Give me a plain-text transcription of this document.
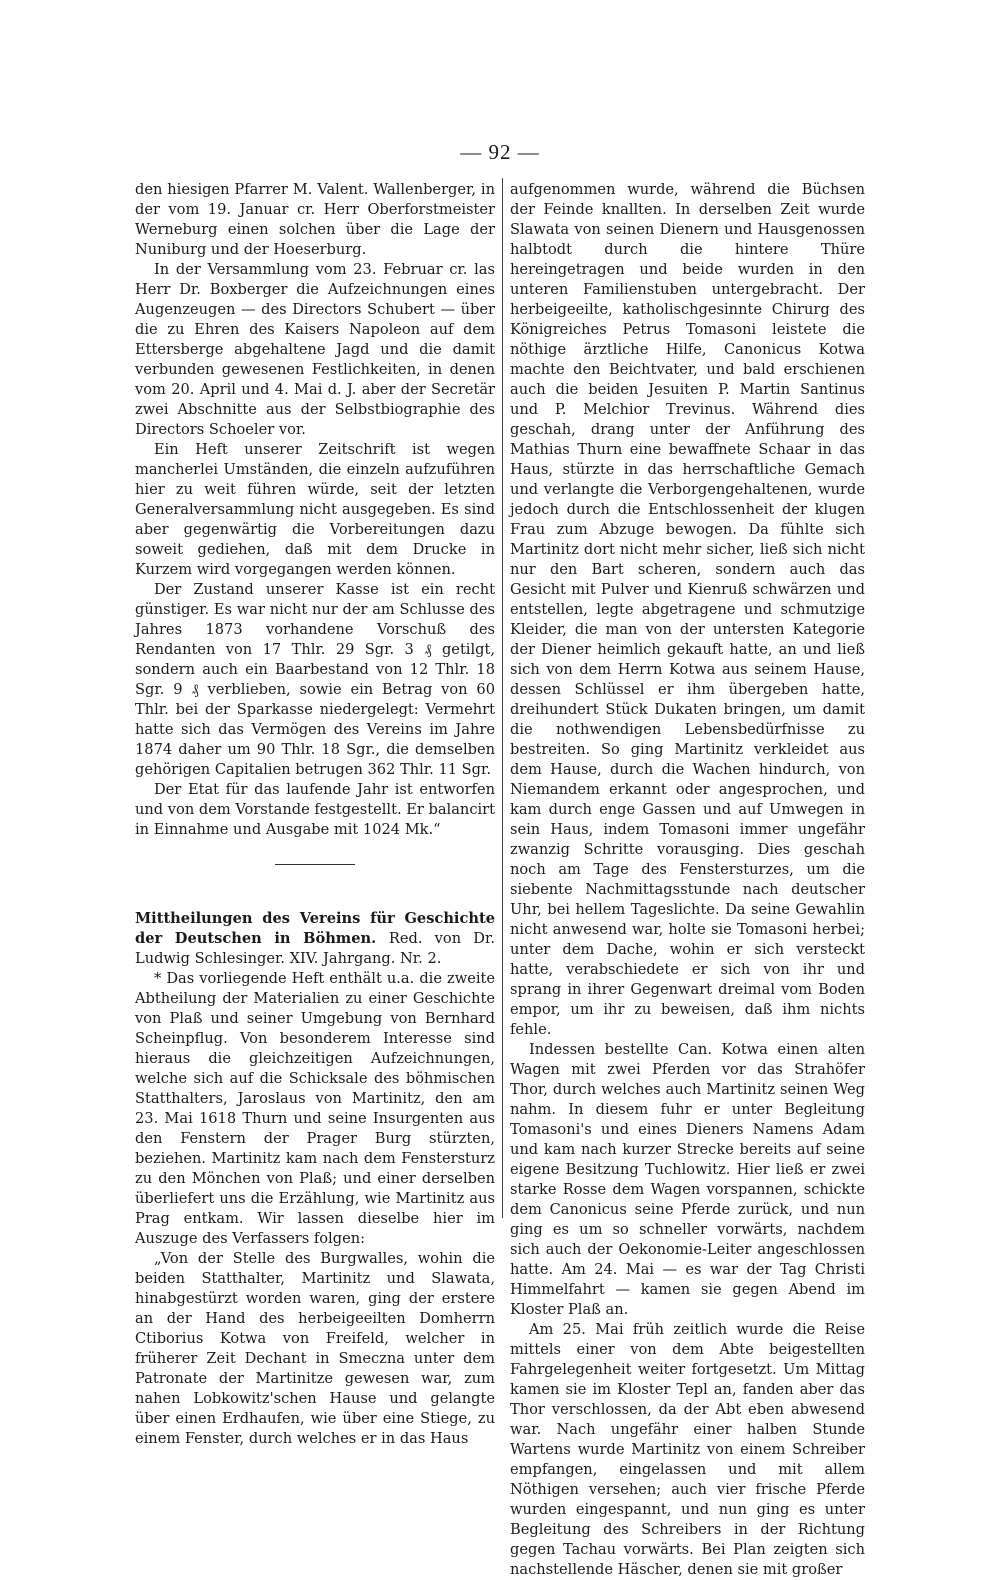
— 92 —

den hiesigen Pfarrer M. Valent. Wallenberger, in der vom 19. Januar cr. Herr Oberforstmeister Werneburg einen solchen über die Lage der Nuniburg und der Hoeserburg.

In der Versammlung vom 23. Februar cr. las Herr Dr. Boxberger die Aufzeichnungen eines Augenzeugen — des Directors Schubert — über die zu Ehren des Kaisers Napoleon auf dem Ettersberge abgehaltene Jagd und die damit verbunden gewesenen Festlichkeiten, in denen vom 20. April und 4. Mai d. J. aber der Secretär zwei Abschnitte aus der Selbstbiographie des Directors Schoeler vor.

Ein Heft unserer Zeitschrift ist wegen mancherlei Umständen, die einzeln aufzuführen hier zu weit führen würde, seit der letzten Generalversammlung nicht ausgegeben. Es sind aber gegenwärtig die Vorbereitungen dazu soweit gediehen, daß mit dem Drucke in Kurzem wird vorgegangen werden können.

Der Zustand unserer Kasse ist ein recht günstiger. Es war nicht nur der am Schlusse des Jahres 1873 vorhandene Vorschuß des Rendanten von 17 Thlr. 29 Sgr. 3 ₰ getilgt, sondern auch ein Baarbestand von 12 Thlr. 18 Sgr. 9 ₰ verblieben, sowie ein Betrag von 60 Thlr. bei der Sparkasse niedergelegt: Vermehrt hatte sich das Vermögen des Vereins im Jahre 1874 daher um 90 Thlr. 18 Sgr., die demselben gehörigen Capitalien betrugen 362 Thlr. 11 Sgr.

Der Etat für das laufende Jahr ist entworfen und von dem Vorstande festgestellt. Er balancirt in Einnahme und Ausgabe mit 1024 Mk.“

Mittheilungen des Vereins für Geschichte der Deutschen in Böhmen. Red. von Dr. Ludwig Schlesinger. XIV. Jahrgang. Nr. 2.

* Das vorliegende Heft enthält u.a. die zweite Abtheilung der Materialien zu einer Geschichte von Plaß und seiner Umgebung von Bernhard Scheinpflug. Von besonderem Interesse sind hieraus die gleichzeitigen Aufzeichnungen, welche sich auf die Schicksale des böhmischen Statthalters, Jaroslaus von Martinitz, den am 23. Mai 1618 Thurn und seine Insurgenten aus den Fenstern der Prager Burg stürzten, beziehen. Martinitz kam nach dem Fenstersturz zu den Mönchen von Plaß; und einer derselben überliefert uns die Erzählung, wie Martinitz aus Prag entkam. Wir lassen dieselbe hier im Auszuge des Verfassers folgen:

„Von der Stelle des Burgwalles, wohin die beiden Statthalter, Martinitz und Slawata, hinabgestürzt worden waren, ging der erstere an der Hand des herbeigeeilten Domherrn Ctiborius Kotwa von Freifeld, welcher in früherer Zeit Dechant in Smeczna unter dem Patronate der Martinitze gewesen war, zum nahen Lobkowitz'schen Hause und gelangte über einen Erdhaufen, wie über eine Stiege, zu einem Fenster, durch welches er in das Haus

aufgenommen wurde, während die Büchsen der Feinde knallten. In derselben Zeit wurde Slawata von seinen Dienern und Hausgenossen halbtodt durch die hintere Thüre hereingetragen und beide wurden in den unteren Familienstuben untergebracht. Der herbeigeeilte, katholischgesinnte Chirurg des Königreiches Petrus Tomasoni leistete die nöthige ärztliche Hilfe, Canonicus Kotwa machte den Beichtvater, und bald erschienen auch die beiden Jesuiten P. Martin Santinus und P. Melchior Trevinus. Während dies geschah, drang unter der Anführung des Mathias Thurn eine bewaffnete Schaar in das Haus, stürzte in das herrschaftliche Gemach und verlangte die Verborgengehaltenen, wurde jedoch durch die Entschlossenheit der klugen Frau zum Abzuge bewogen. Da fühlte sich Martinitz dort nicht mehr sicher, ließ sich nicht nur den Bart scheren, sondern auch das Gesicht mit Pulver und Kienruß schwärzen und entstellen, legte abgetragene und schmutzige Kleider, die man von der untersten Kategorie der Diener heimlich gekauft hatte, an und ließ sich von dem Herrn Kotwa aus seinem Hause, dessen Schlüssel er ihm übergeben hatte, dreihundert Stück Dukaten bringen, um damit die nothwendigen Lebensbedürfnisse zu bestreiten. So ging Martinitz verkleidet aus dem Hause, durch die Wachen hindurch, von Niemandem erkannt oder angesprochen, und kam durch enge Gassen und auf Umwegen in sein Haus, indem Tomasoni immer ungefähr zwanzig Schritte vorausging. Dies geschah noch am Tage des Fenstersturzes, um die siebente Nachmittagsstunde nach deutscher Uhr, bei hellem Tageslichte. Da seine Gewahlin nicht anwesend war, holte sie Tomasoni herbei; unter dem Dache, wohin er sich versteckt hatte, verabschiedete er sich von ihr und sprang in ihrer Gegenwart dreimal vom Boden empor, um ihr zu beweisen, daß ihm nichts fehle.

Indessen bestellte Can. Kotwa einen alten Wagen mit zwei Pferden vor das Strahöfer Thor, durch welches auch Martinitz seinen Weg nahm. In diesem fuhr er unter Begleitung Tomasoni's und eines Dieners Namens Adam und kam nach kurzer Strecke bereits auf seine eigene Besitzung Tuchlowitz. Hier ließ er zwei starke Rosse dem Wagen vorspannen, schickte dem Canonicus seine Pferde zurück, und nun ging es um so schneller vorwärts, nachdem sich auch der Oekonomie-Leiter angeschlossen hatte. Am 24. Mai — es war der Tag Christi Himmelfahrt — kamen sie gegen Abend im Kloster Plaß an.

Am 25. Mai früh zeitlich wurde die Reise mittels einer von dem Abte beigestellten Fahrgelegenheit weiter fortgesetzt. Um Mittag kamen sie im Kloster Tepl an, fanden aber das Thor verschlossen, da der Abt eben abwesend war. Nach ungefähr einer halben Stunde Wartens wurde Martinitz von einem Schreiber empfangen, eingelassen und mit allem Nöthigen versehen; auch vier frische Pferde wurden eingespannt, und nun ging es unter Begleitung des Schreibers in der Richtung gegen Tachau vorwärts. Bei Plan zeigten sich nachstellende Häscher, denen sie mit großer
